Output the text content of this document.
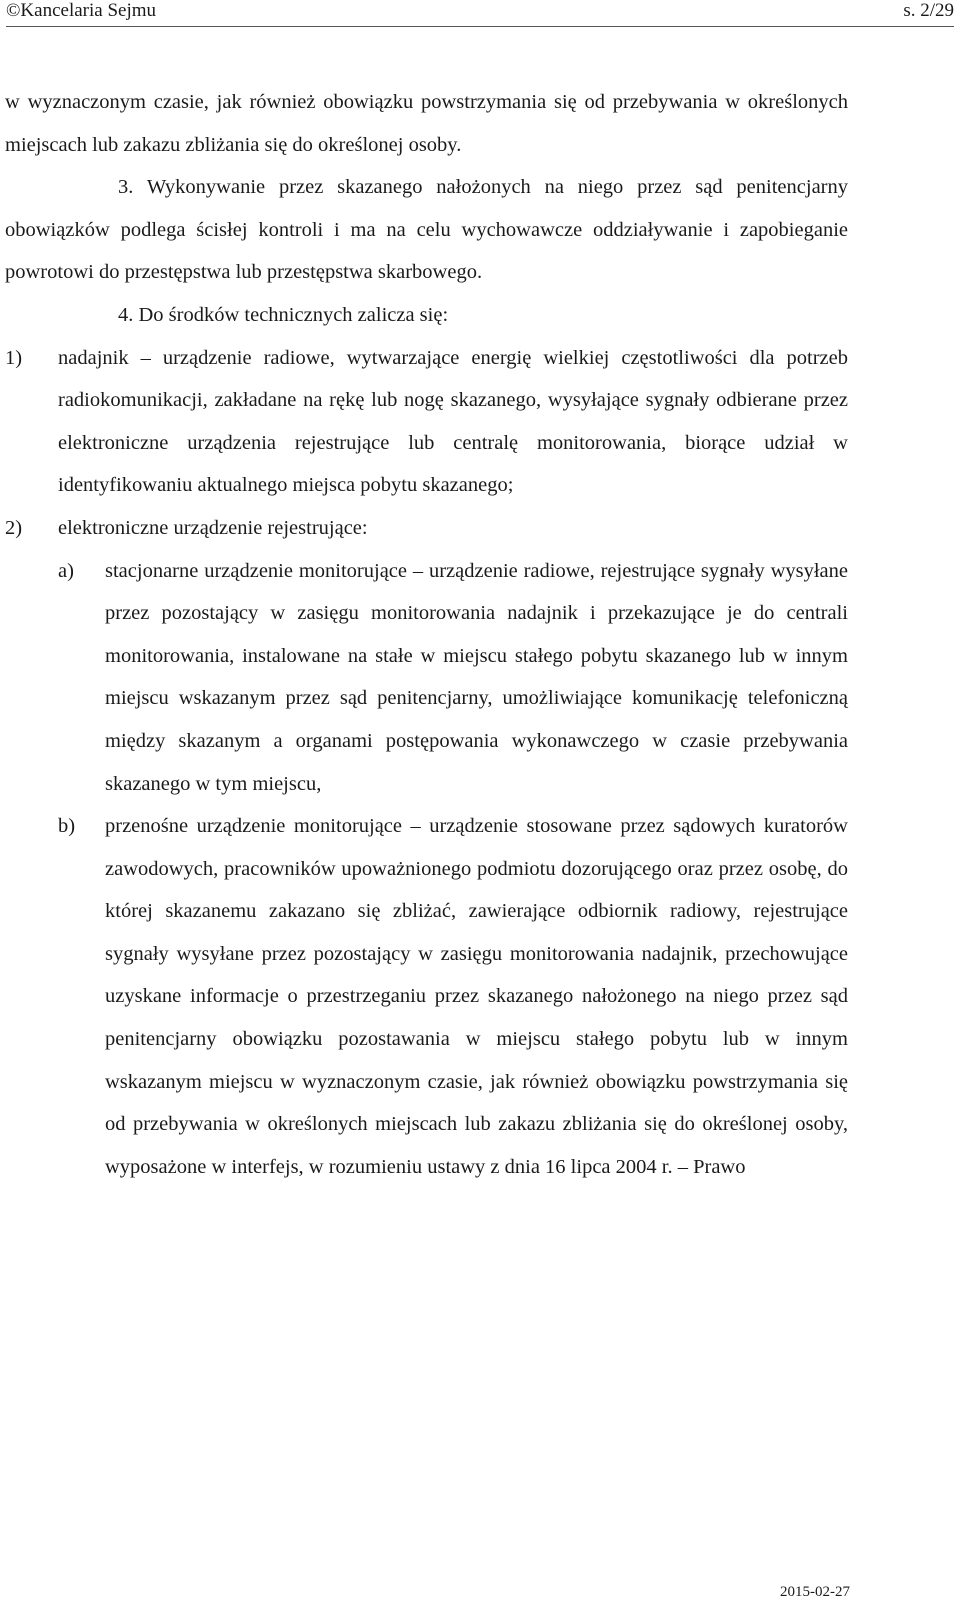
©Kancelaria Sejmu	s. 2/29

w wyznaczonym czasie, jak również obowiązku powstrzymania się od przebywania w określonych miejscach lub zakazu zbliżania się do określonej osoby.

3. Wykonywanie przez skazanego nałożonych na niego przez sąd penitencjarny obowiązków podlega ścisłej kontroli i ma na celu wychowawcze oddziaływanie i zapobieganie powrotowi do przestępstwa lub przestępstwa skarbowego.

4. Do środków technicznych zalicza się:

1) nadajnik – urządzenie radiowe, wytwarzające energię wielkiej częstotliwości dla potrzeb radiokomunikacji, zakładane na rękę lub nogę skazanego, wysyłające sygnały odbierane przez elektroniczne urządzenia rejestrujące lub centralę monitorowania, biorące udział w identyfikowaniu aktualnego miejsca pobytu skazanego;
2) elektroniczne urządzenie rejestrujące:
a) stacjonarne urządzenie monitorujące – urządzenie radiowe, rejestrujące sygnały wysyłane przez pozostający w zasięgu monitorowania nadajnik i przekazujące je do centrali monitorowania, instalowane na stałe w miejscu stałego pobytu skazanego lub w innym miejscu wskazanym przez sąd penitencjarny, umożliwiające komunikację telefoniczną między skazanym a organami postępowania wykonawczego w czasie przebywania skazanego w tym miejscu,
b) przenośne urządzenie monitorujące – urządzenie stosowane przez sądowych kuratorów zawodowych, pracowników upoważnionego podmiotu dozorującego oraz przez osobę, do której skazanemu zakazano się zbliżać, zawierające odbiornik radiowy, rejestrujące sygnały wysyłane przez pozostający w zasięgu monitorowania nadajnik, przechowujące uzyskane informacje o przestrzeganiu przez skazanego nałożonego na niego przez sąd penitencjarny obowiązku pozostawania w miejscu stałego pobytu lub w innym wskazanym miejscu w wyznaczonym czasie, jak również obowiązku powstrzymania się od przebywania w określonych miejscach lub zakazu zbliżania się do określonej osoby, wyposażone w interfejs, w rozumieniu ustawy z dnia 16 lipca 2004 r. – Prawo
2015-02-27
